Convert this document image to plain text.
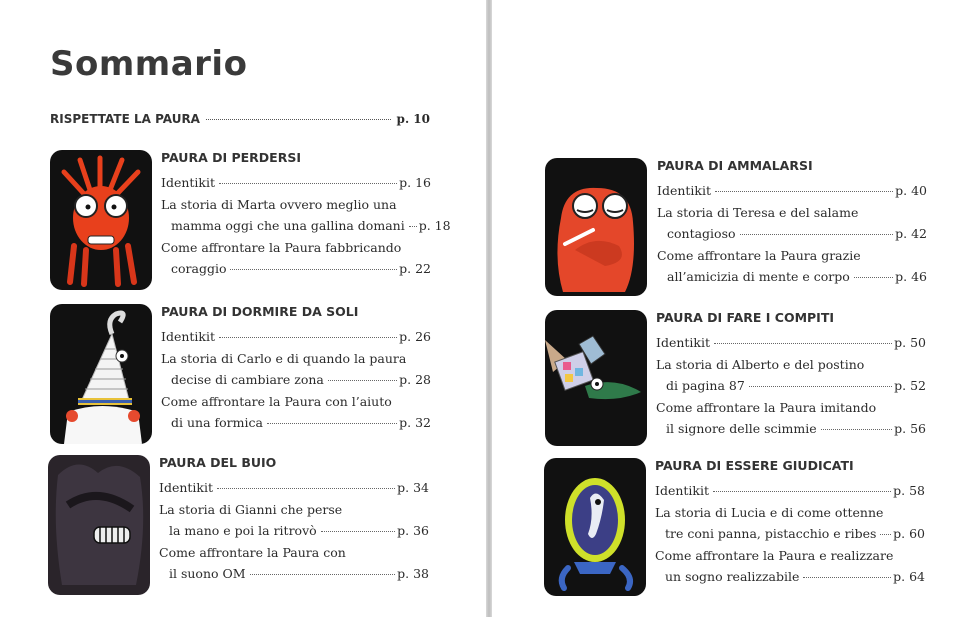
Sommario
RISPETTATE LA PAURA	p. 10
PAURA DI PERDERSI
Identikit	p. 16
La storia di Marta ovvero meglio una
mamma oggi che una gallina domani p. 18
Come affrontare la Paura fabbricando
coraggio	p. 22
PAURA DI DORMIRE DA SOLI
Identikit	p. 26
La storia di Carlo e di quando la paura
decise di cambiare zona	p. 28
Come affrontare la Paura con l’aiuto
di una formica	p. 32
PAURA DEL BUIO
Identikit	p. 34
La storia di Gianni che perse
la mano e poi la ritrovò	p. 36
Come affrontare la Paura con
il suono OM	p. 38
PAURA DI AMMALARSI
Identikit	p. 40
La storia di Teresa e del salame
contagioso	p. 42
Come affrontare la Paura grazie
all’amicizia di mente e corpo	p. 46
PAURA DI FARE I COMPITI
Identikit	p. 50
La storia di Alberto e del postino
di pagina 87	p. 52
Come affrontare la Paura imitando
il signore delle scimmie	p. 56
PAURA DI ESSERE GIUDICATI
Identikit	p. 58
La storia di Lucia e di come ottenne
tre coni panna, pistacchio e ribes p. 60
Come affrontare la Paura e realizzare
un sogno realizzabile	p. 64
